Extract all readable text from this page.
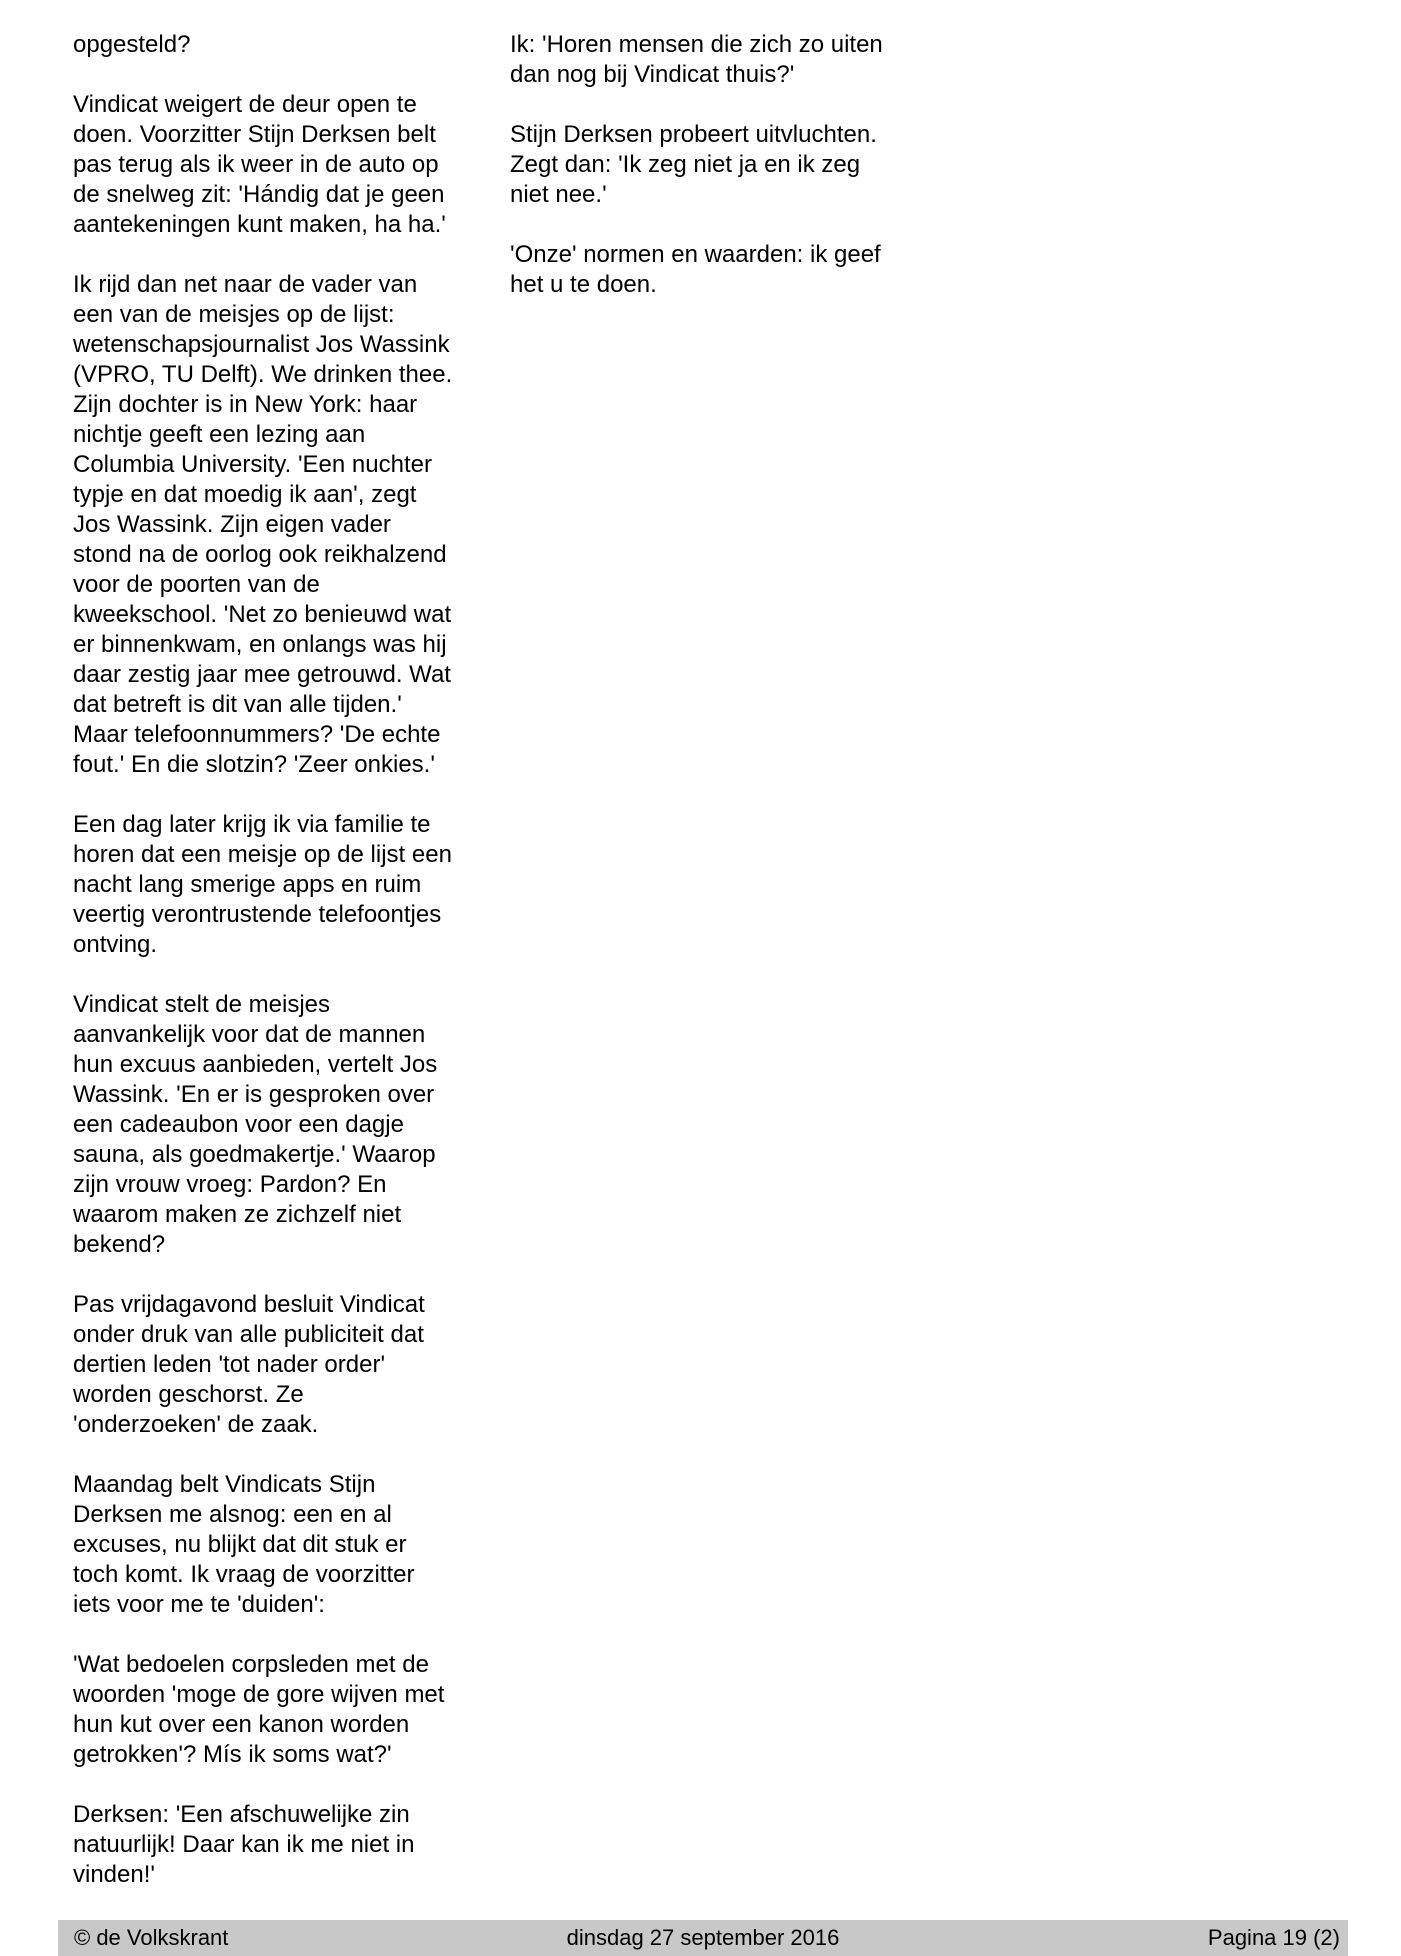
opgesteld?

Vindicat weigert de deur open te
doen. Voorzitter Stijn Derksen belt
pas terug als ik weer in de auto op
de snelweg zit: 'Hándig dat je geen
aantekeningen kunt maken, ha ha.'

Ik rijd dan net naar de vader van
een van de meisjes op de lijst:
wetenschapsjournalist Jos Wassink
(VPRO, TU Delft). We drinken thee.
Zijn dochter is in New York: haar
nichtje geeft een lezing aan
Columbia University. 'Een nuchter
typje en dat moedig ik aan', zegt
Jos Wassink. Zijn eigen vader
stond na de oorlog ook reikhalzend
voor de poorten van de
kweekschool. 'Net zo benieuwd wat
er binnenkwam, en onlangs was hij
daar zestig jaar mee getrouwd. Wat
dat betreft is dit van alle tijden.'
Maar telefoonnummers? 'De echte
fout.' En die slotzin? 'Zeer onkies.'

Een dag later krijg ik via familie te
horen dat een meisje op de lijst een
nacht lang smerige apps en ruim
veertig verontrustende telefoontjes
ontving.

Vindicat stelt de meisjes
aanvankelijk voor dat de mannen
hun excuus aanbieden, vertelt Jos
Wassink. 'En er is gesproken over
een cadeaubon voor een dagje
sauna, als goedmakertje.' Waarop
zijn vrouw vroeg: Pardon? En
waarom maken ze zichzelf niet
bekend?

Pas vrijdagavond besluit Vindicat
onder druk van alle publiciteit dat
dertien leden 'tot nader order'
worden geschorst. Ze
'onderzoeken' de zaak.

Maandag belt Vindicats Stijn
Derksen me alsnog: een en al
excuses, nu blijkt dat dit stuk er
toch komt. Ik vraag de voorzitter
iets voor me te 'duiden':

'Wat bedoelen corpsleden met de
woorden 'moge de gore wijven met
hun kut over een kanon worden
getrokken'? Mís ik soms wat?'

Derksen: 'Een afschuwelijke zin
natuurlijk! Daar kan ik me niet in
vinden!'

Ik: 'Horen mensen die zich zo uiten
dan nog bij Vindicat thuis?'

Stijn Derksen probeert uitvluchten.
Zegt dan: 'Ik zeg niet ja en ik zeg
niet nee.'

'Onze' normen en waarden: ik geef
het u te doen.

© de Volkskrant	dinsdag 27 september 2016	Pagina 19 (2)
